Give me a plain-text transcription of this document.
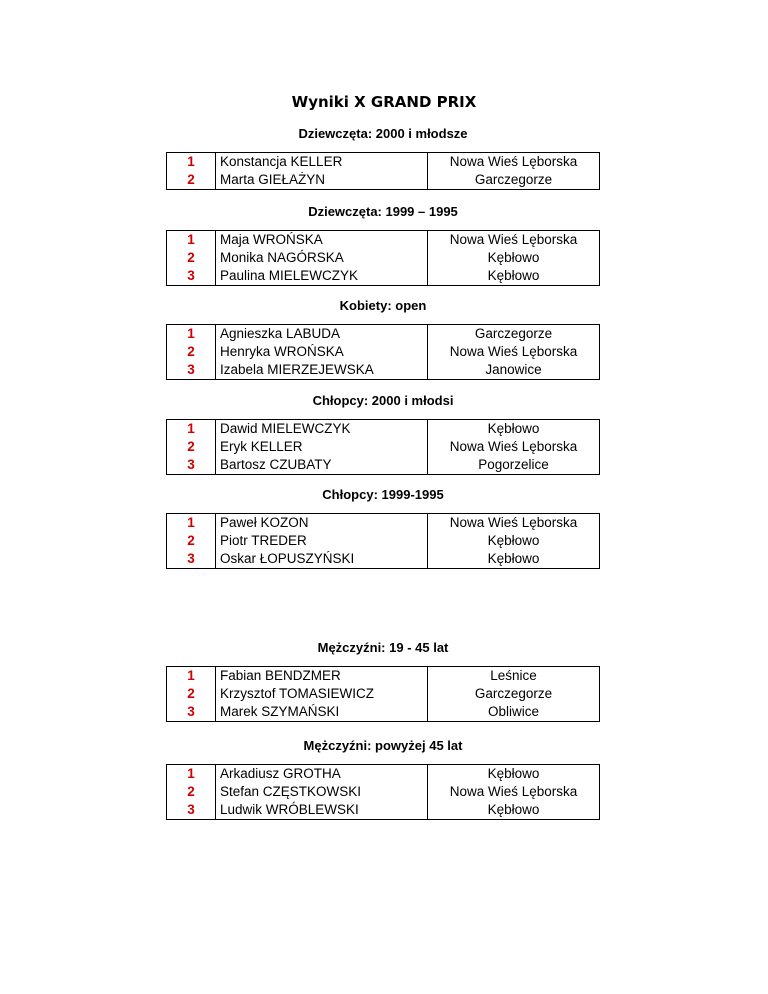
Wyniki X GRAND PRIX
Dziewczęta: 2000 i młodsze
1	Konstancja KELLER	Nowa Wieś Lęborska
2	Marta GIEŁAŻYN	Garczegorze
Dziewczęta: 1999 – 1995
1	Maja WROŃSKA	Nowa Wieś Lęborska
2	Monika NAGÓRSKA	Kębłowo
3	Paulina MIELEWCZYK	Kębłowo
Kobiety: open
1	Agnieszka LABUDA	Garczegorze
2	Henryka WROŃSKA	Nowa Wieś Lęborska
3	Izabela MIERZEJEWSKA	Janowice
Chłopcy: 2000 i młodsi
1	Dawid MIELEWCZYK	Kębłowo
2	Eryk KELLER	Nowa Wieś Lęborska
3	Bartosz CZUBATY	Pogorzelice
Chłopcy: 1999-1995
1	Paweł KOZON	Nowa Wieś Lęborska
2	Piotr TREDER	Kębłowo
3	Oskar ŁOPUSZYŃSKI	Kębłowo
Mężczyźni: 19 - 45 lat
1	Fabian BENDZMER	Leśnice
2	Krzysztof TOMASIEWICZ	Garczegorze
3	Marek SZYMAŃSKI	Obliwice
Mężczyźni: powyżej 45 lat
1	Arkadiusz GROTHA	Kębłowo
2	Stefan CZĘSTKOWSKI	Nowa Wieś Lęborska
3	Ludwik WRÓBLEWSKI	Kębłowo
